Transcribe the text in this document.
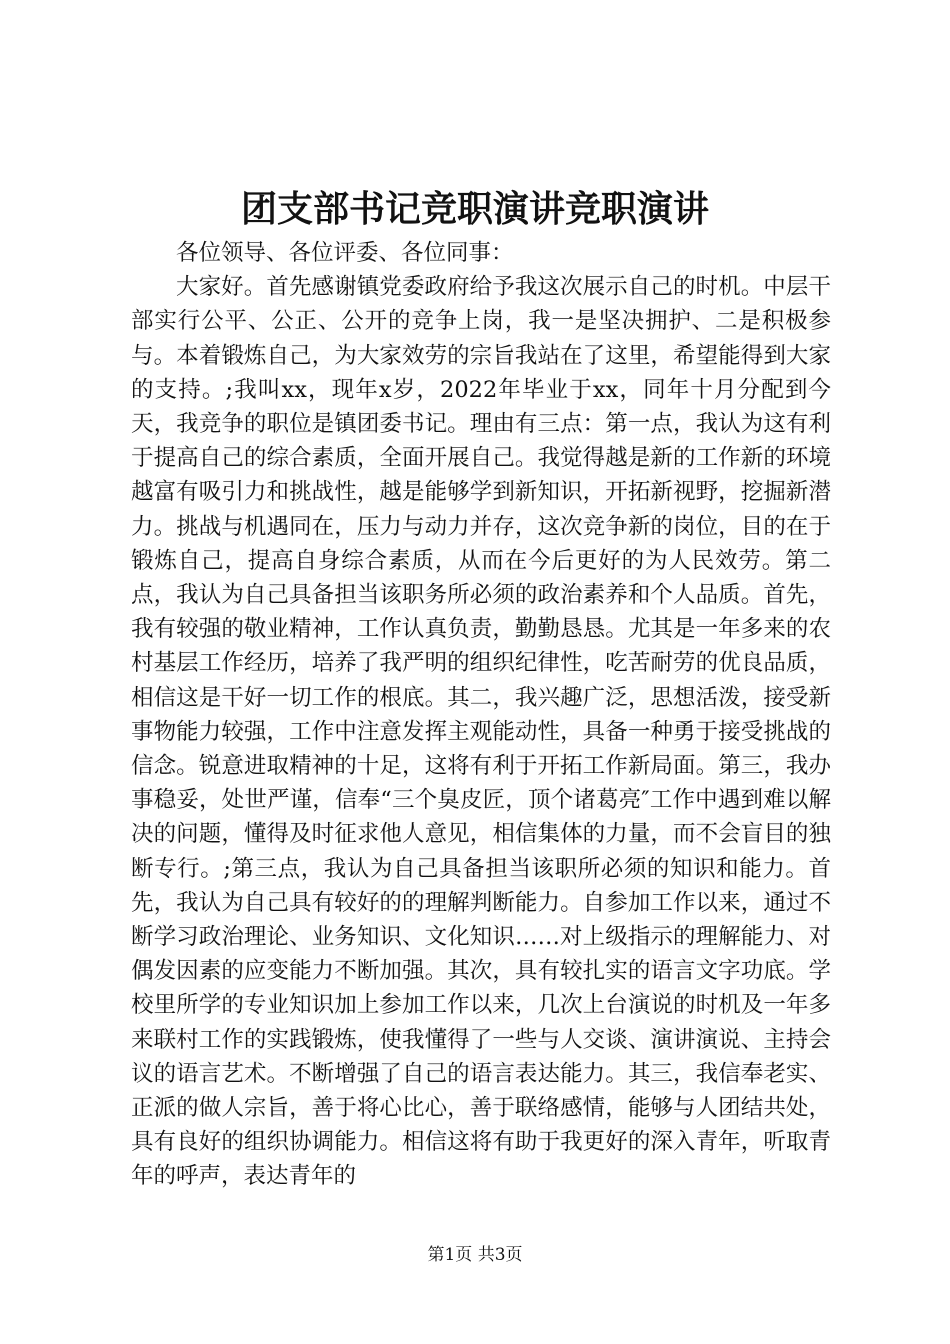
团支部书记竞职演讲竞职演讲

各位领导、各位评委、各位同事：

大家好。首先感谢镇党委政府给予我这次展示自己的时机。中层干部实行公平、公正、公开的竞争上岗，我一是坚决拥护、二是积极参与。本着锻炼自己，为大家效劳的宗旨我站在了这里，希望能得到大家的支持。;我叫xx，现年x岁，2022年毕业于xx，同年十月分配到今天，我竞争的职位是镇团委书记。理由有三点：第一点，我认为这有利于提高自己的综合素质，全面开展自己。我觉得越是新的工作新的环境越富有吸引力和挑战性，越是能够学到新知识，开拓新视野，挖掘新潜力。挑战与机遇同在，压力与动力并存，这次竞争新的岗位，目的在于锻炼自己，提高自身综合素质，从而在今后更好的为人民效劳。第二点，我认为自己具备担当该职务所必须的政治素养和个人品质。首先，我有较强的敬业精神，工作认真负责，勤勤恳恳。尤其是一年多来的农村基层工作经历，培养了我严明的组织纪律性，吃苦耐劳的优良品质，相信这是干好一切工作的根底。其二，我兴趣广泛，思想活泼，接受新事物能力较强，工作中注意发挥主观能动性，具备一种勇于接受挑战的信念。锐意进取精神的十足，这将有利于开拓工作新局面。第三，我办事稳妥，处世严谨，信奉“三个臭皮匠，顶个诸葛亮″工作中遇到难以解决的问题，懂得及时征求他人意见，相信集体的力量，而不会盲目的独断专行。;第三点，我认为自己具备担当该职所必须的知识和能力。首先，我认为自己具有较好的的理解判断能力。自参加工作以来，通过不断学习政治理论、业务知识、文化知识……对上级指示的理解能力、对偶发因素的应变能力不断加强。其次，具有较扎实的语言文字功底。学校里所学的专业知识加上参加工作以来，几次上台演说的时机及一年多来联村工作的实践锻炼，使我懂得了一些与人交谈、演讲演说、主持会议的语言艺术。不断增强了自己的语言表达能力。其三，我信奉老实、正派的做人宗旨，善于将心比心，善于联络感情，能够与人团结共处，具有良好的组织协调能力。相信这将有助于我更好的深入青年，听取青年的呼声，表达青年的

第1页 共3页
